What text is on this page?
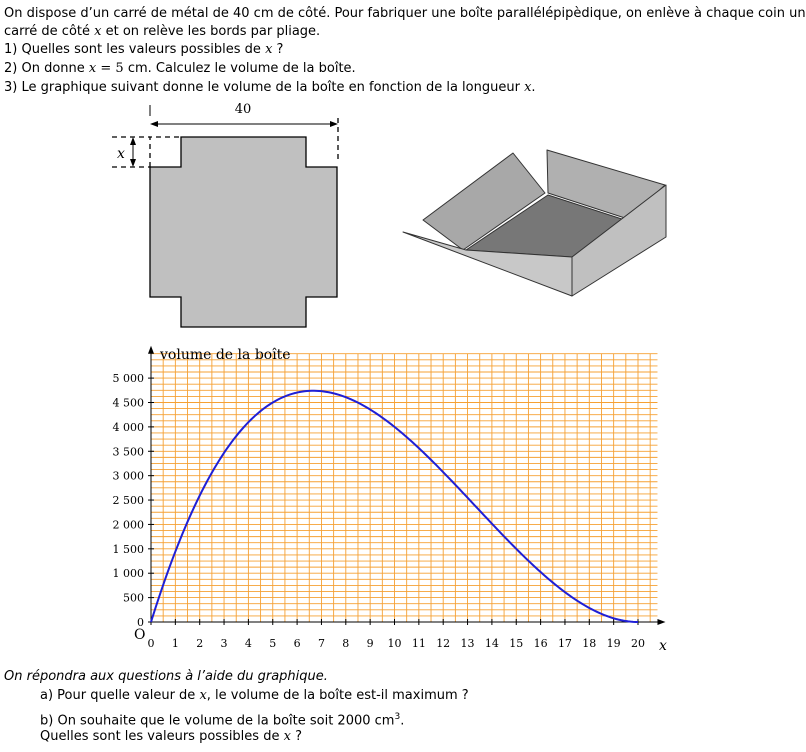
On dispose d’un carré de métal de 40 cm de côté. Pour fabriquer une boîte parallélépipèdique, on enlève à chaque coin un
carré de côté x et on relève les bords par pliage.
1) Quelles sont les valeurs possibles de x ?
2) On donne x = 5 cm. Calculez le volume de la boîte.
3) Le graphique suivant donne le volume de la boîte en fonction de la longueur x.
40
x
0 1 2 3 4 5 6 7 8 9 10 11 12 13 14 15 16 17 18 19 20
0
500
1 000
1 500
2 000
2 500
3 000
3 500
4 000
4 500
5 000
volume de la boîte
x
O
On répondra aux questions à l’aide du graphique.
a) Pour quelle valeur de x, le volume de la boîte est-il maximum ?
b) On souhaite que le volume de la boîte soit 2000 $cm^3$.
Quelles sont les valeurs possibles de x ?
